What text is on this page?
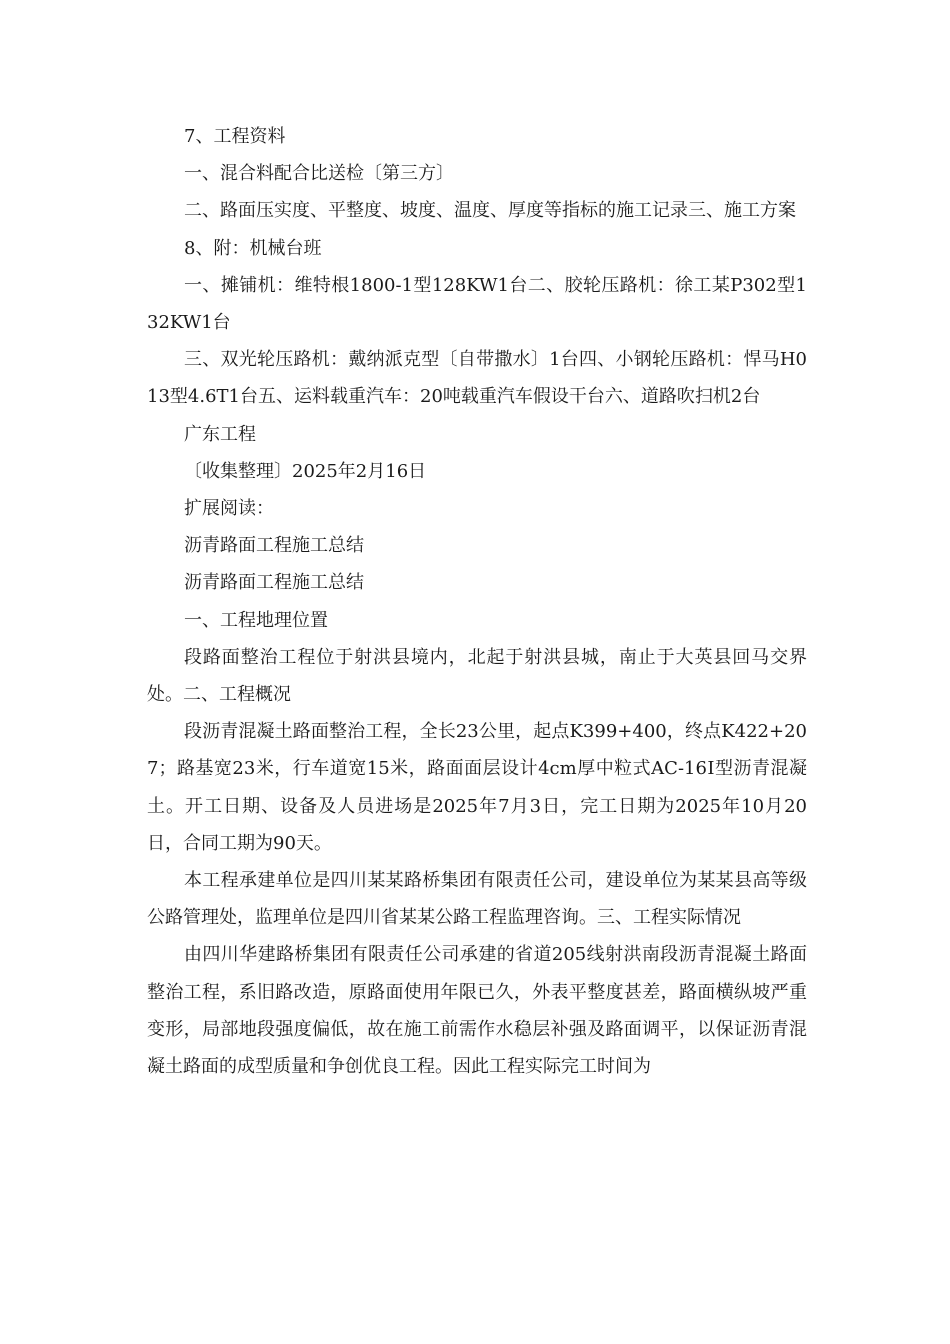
7、工程资料

一、混合料配合比送检〔第三方〕

二、路面压实度、平整度、坡度、温度、厚度等指标的施工记录三、施工方案

8、附：机械台班

一、摊铺机：维特根1800-1型128KW1台二、胶轮压路机：徐工某P302型132KW1台

三、双光轮压路机：戴纳派克型〔自带撒水〕1台四、小钢轮压路机：悍马H013型4.6T1台五、运料载重汽车：20吨载重汽车假设干台六、道路吹扫机2台

广东工程

〔收集整理〕2025年2月16日

扩展阅读：

沥青路面工程施工总结

沥青路面工程施工总结

一、工程地理位置

段路面整治工程位于射洪县境内，北起于射洪县城，南止于大英县回马交界处。二、工程概况

段沥青混凝土路面整治工程，全长23公里，起点K399+400，终点K422+207；路基宽23米，行车道宽15米，路面面层设计4cm厚中粒式AC-16Ⅰ型沥青混凝土。开工日期、设备及人员进场是2025年7月3日，完工日期为2025年10月20日，合同工期为90天。

本工程承建单位是四川某某路桥集团有限责任公司，建设单位为某某县高等级公路管理处，监理单位是四川省某某公路工程监理咨询。三、工程实际情况

由四川华建路桥集团有限责任公司承建的省道205线射洪南段沥青混凝土路面整治工程，系旧路改造，原路面使用年限已久，外表平整度甚差，路面横纵坡严重变形，局部地段强度偏低，故在施工前需作水稳层补强及路面调平，以保证沥青混凝土路面的成型质量和争创优良工程。因此工程实际完工时间为
